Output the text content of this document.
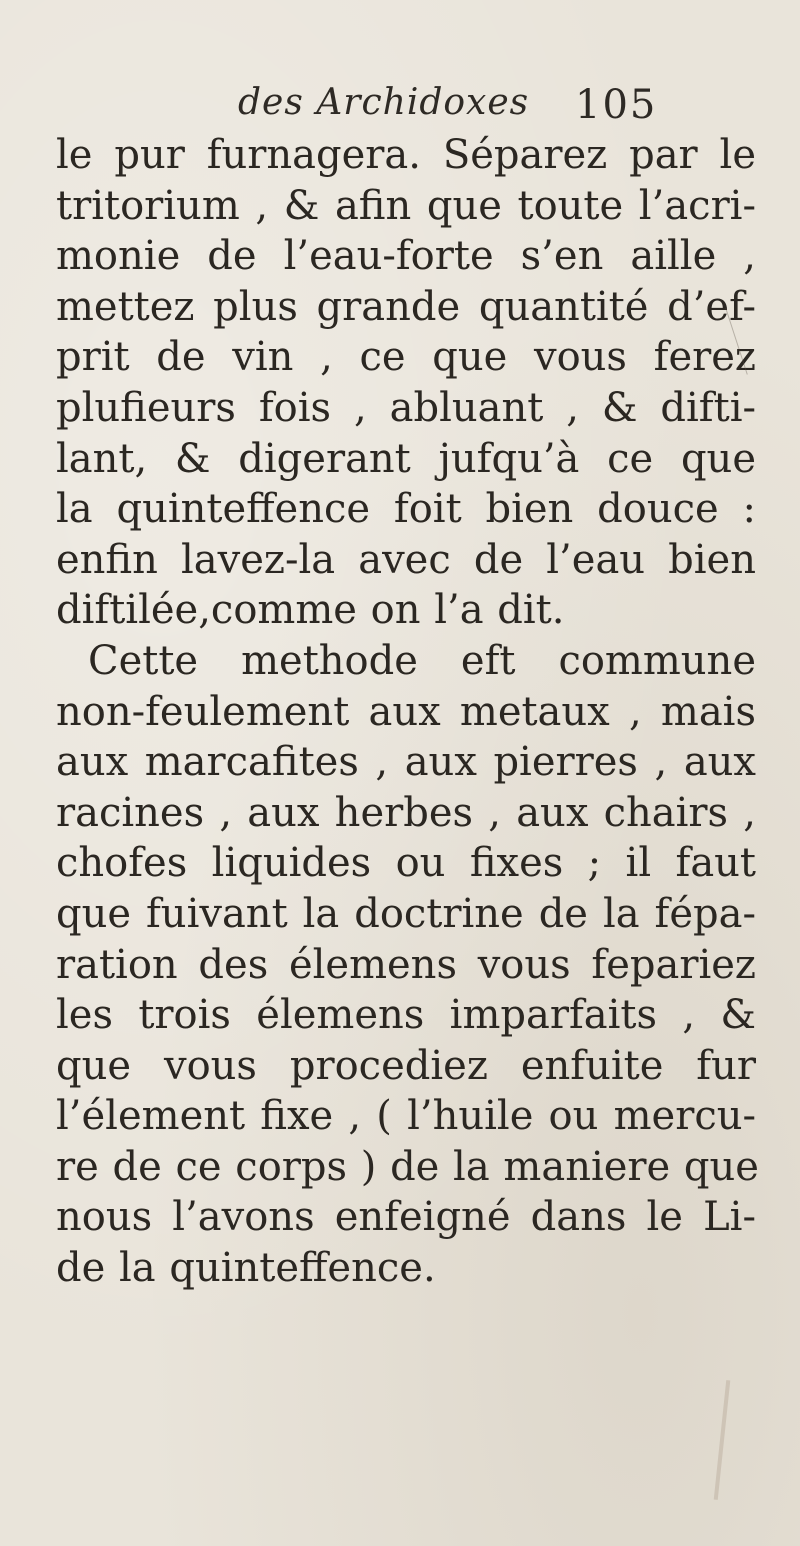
des Archidoxes 105
le pur furnagera. Séparez par le
tritorium , & afin que toute l’acri-
monie de l’eau-forte s’en aille ,
mettez plus grande quantité d’ef-
prit de vin , ce que vous ferez
plufieurs fois , abluant , & difti-
lant, & digerant jufqu’à ce que
la quinteffence foit bien douce :
enfin lavez-la avec de l’eau bien
diftilée,comme on l’a dit.
Cette methode eft commune
non-feulement aux metaux , mais
aux marcafites , aux pierres , aux
racines , aux herbes , aux chairs ,
chofes liquides ou fixes ; il faut
que fuivant la doctrine de la fépa-
ration des élemens vous fepariez
les trois élemens imparfaits , &
que vous procediez enfuite fur
l’élement fixe , ( l’huile ou mercu-
re de ce corps ) de la maniere que
nous l’avons enfeigné dans le Li-
de la quinteffence.
